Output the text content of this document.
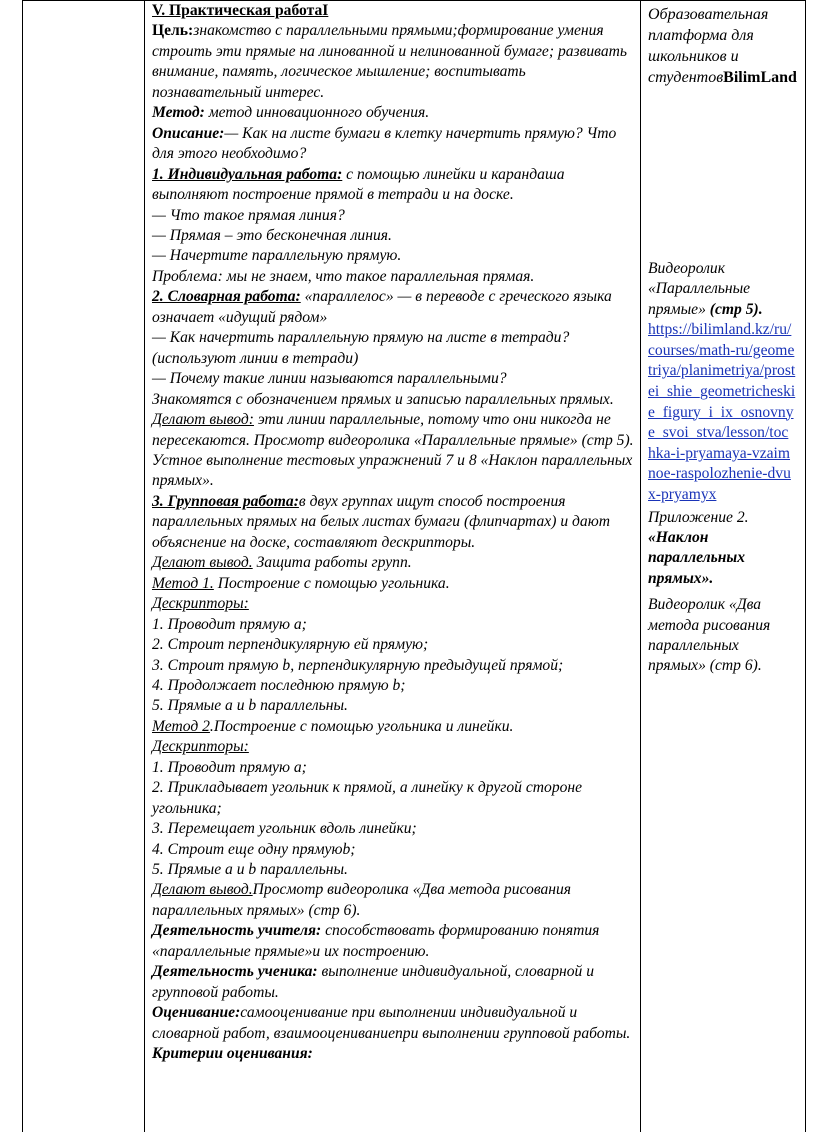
V. Практическая работаI

Цель:знакомство с параллельными прямыми;формирование умения строить эти прямые на линованной и нелинованной бумаге; развивать внимание, память, логическое мышление; воспитывать познавательный интерес.

Метод: метод инновационного обучения.

Описание:— Как на листе бумаги в клетку начертить прямую? Что для этого необходимо?

1. Индивидуальная работа: с помощью линейки и карандаша выполняют построение прямой в тетради и на доске.

— Что такое прямая линия?

— Прямая – это бесконечная линия.

— Начертите параллельную прямую.

Проблема: мы не знаем, что такое параллельная прямая.

2. Словарная работа: «параллелос» — в переводе с греческого языка означает «идущий рядом»

— Как начертить параллельную прямую на листе в тетради? (используют линии в тетради)

— Почему такие линии называются параллельными?

Знакомятся с обозначением прямых и записью параллельных прямых.

Делают вывод: эти линии параллельные, потому что они никогда не пересекаются. Просмотр видеоролика «Параллельные прямые» (стр 5).

Устное выполнение тестовых упражнений 7 и 8 «Наклон параллельных прямых».

3. Групповая работа:в двух группах ищут способ построения параллельных прямых на белых листах бумаги (флипчартах) и дают объяснение на доске, составляют дескрипторы.

Делают вывод. Защита работы групп.

Метод 1. Построение с помощью угольника.

Дескрипторы:

1. Проводит прямую a;

2. Строит перпендикулярную ей прямую;

3. Строит прямую b, перпендикулярную предыдущей прямой;

4. Продолжает последнюю прямую b;

5. Прямые a и b параллельны.

Метод 2.Построение с помощью угольника и линейки.

Дескрипторы:

1. Проводит прямую a;

2. Прикладывает угольник к прямой, а линейку к другой стороне угольника;

3. Перемещает угольник вдоль линейки;

4. Строит еще одну прямуюb;

5. Прямые a и b параллельны.

Делают вывод.Просмотр видеоролика «Два метода рисования параллельных прямых» (стр 6).

Деятельность учителя: способствовать формированию понятия «параллельные прямые»и их построению.

Деятельность ученика: выполнение индивидуальной, словарной и групповой работы.

Оценивание:самооценивание при выполнении индивидуальной и словарной работ, взаимооцениваниепри выполнении групповой работы.

Критерии оценивания:

Образовательная платформа для школьников и студентовBilimLand

Видеоролик «Параллельные прямые» (стр 5).

https://bilimland.kz/ru/courses/math-ru/geometriya/planimetriya/prostei_shie_geometricheskie_figury_i_ix_osnovnye_svoi_stva/lesson/tochka-i-pryamaya-vzaimnoe-raspolozhenie-dvux-pryamyx

Приложение 2.
«Наклон параллельных прямых».

Видеоролик «Два метода рисования параллельных прямых» (стр 6).
